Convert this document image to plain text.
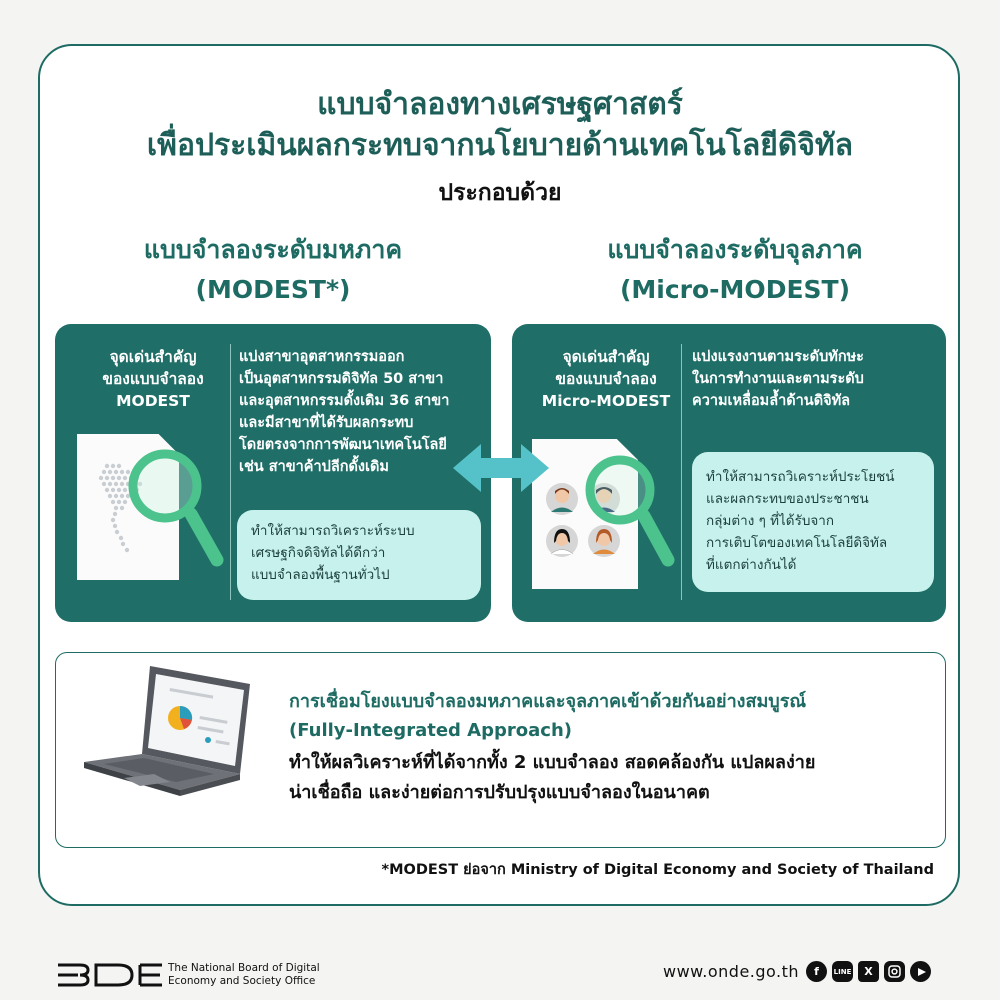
แบบจำลองทางเศรษฐศาสตร์
เพื่อประเมินผลกระทบจากนโยบายด้านเทคโนโลยีดิจิทัล
ประกอบด้วย
แบบจำลองระดับมหภาค
(MODEST*)
แบบจำลองระดับจุลภาค
(Micro-MODEST)
จุดเด่นสำคัญ
ของแบบจำลอง
MODEST
แบ่งสาขาอุตสาหกรรมออก
เป็นอุตสาหกรรมดิจิทัล 50 สาขา
และอุตสาหกรรมดั้งเดิม 36 สาขา
และมีสาขาที่ได้รับผลกระทบ
โดยตรงจากการพัฒนาเทคโนโลยี
เช่น สาขาค้าปลีกดั้งเดิม
ทำให้สามารถวิเคราะห์ระบบ
เศรษฐกิจดิจิทัลได้ดีกว่า
แบบจำลองพื้นฐานทั่วไป
จุดเด่นสำคัญ
ของแบบจำลอง
Micro-MODEST
แบ่งแรงงานตามระดับทักษะ
ในการทำงานและตามระดับ
ความเหลื่อมล้ำด้านดิจิทัล
ทำให้สามารถวิเคราะห์ประโยชน์
และผลกระทบของประชาชน
กลุ่มต่าง ๆ ที่ได้รับจาก
การเติบโตของเทคโนโลยีดิจิทัล
ที่แตกต่างกันได้
การเชื่อมโยงแบบจำลองมหภาคและจุลภาคเข้าด้วยกันอย่างสมบูรณ์
(Fully-Integrated Approach)
ทำให้ผลวิเคราะห์ที่ได้จากทั้ง 2 แบบจำลอง สอดคล้องกัน แปลผลง่าย
น่าเชื่อถือ และง่ายต่อการปรับปรุงแบบจำลองในอนาคต
*MODEST ย่อจาก Ministry of Digital Economy and Society of Thailand
The National Board of Digital
Economy and Society Office	www.onde.go.th	f	LINE	X
